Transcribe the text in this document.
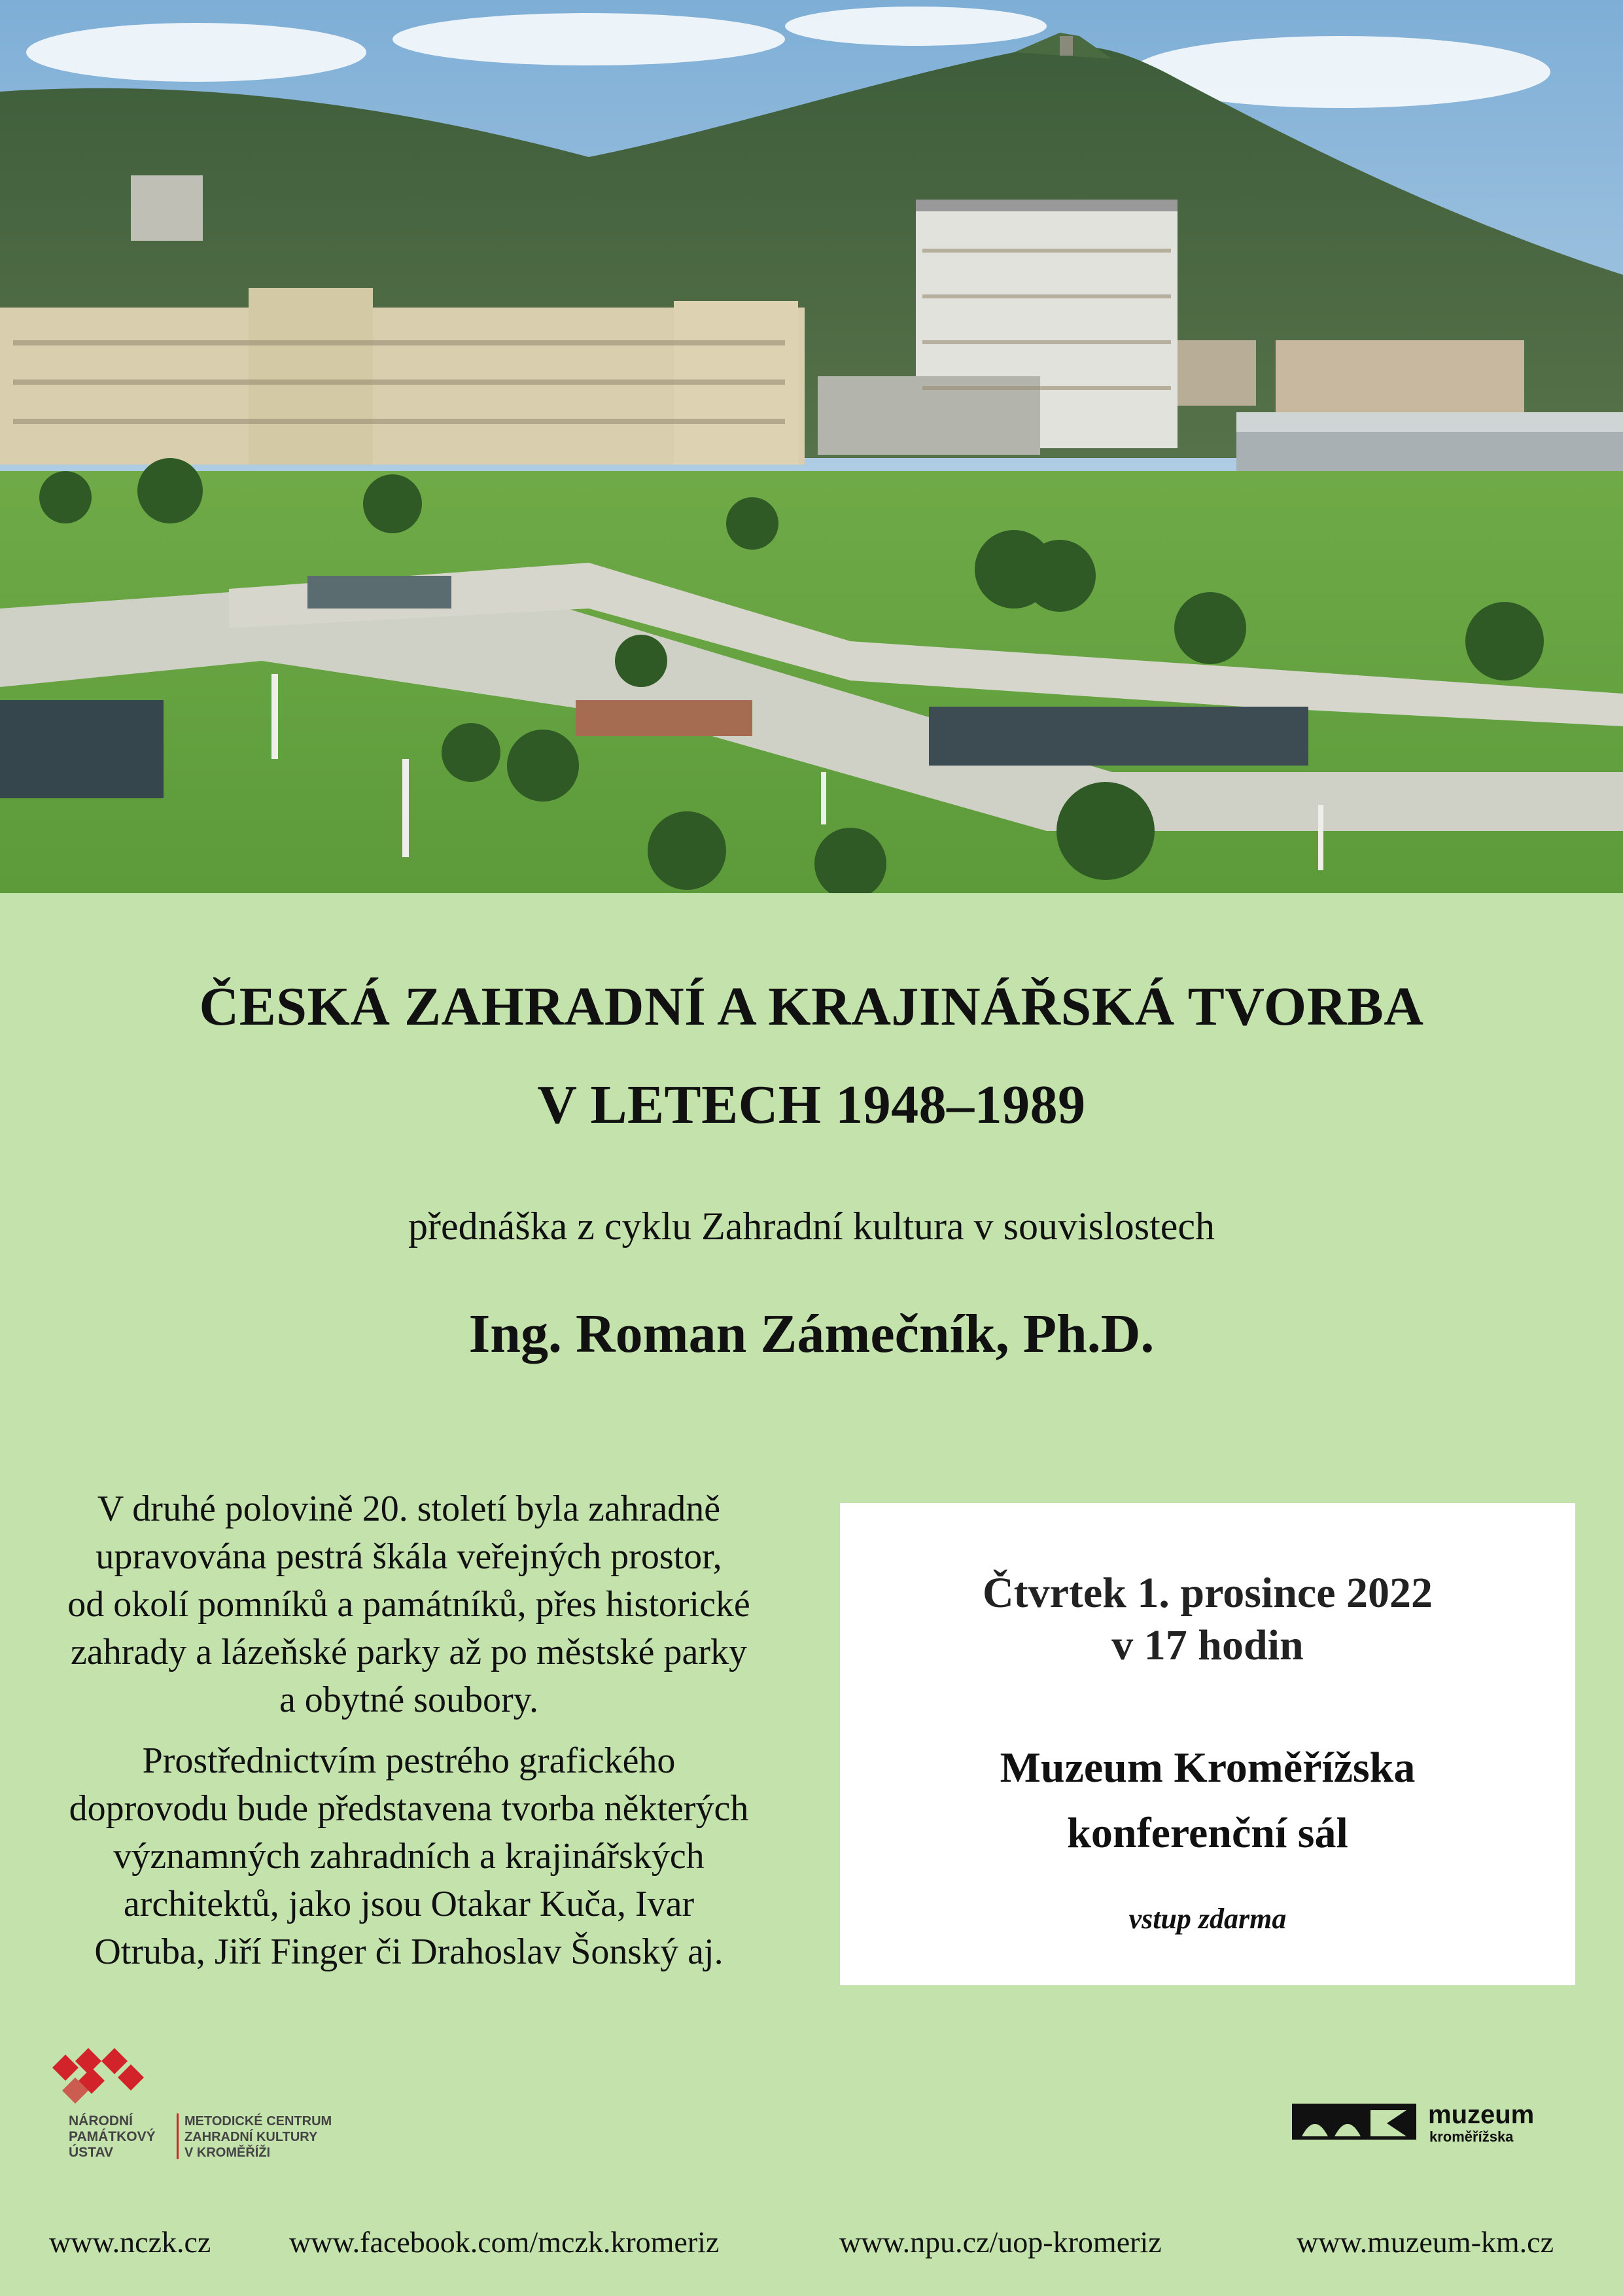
ČESKÁ ZAHRADNÍ A KRAJINÁŘSKÁ TVORBA
V LETECH 1948–1989
přednáška z cyklu Zahradní kultura v souvislostech
Ing. Roman Zámečník, Ph.D.

V druhé polovině 20. století byla zahradně
upravována pestrá škála veřejných prostor,
od okolí pomníků a památníků, přes historické
zahrady a lázeňské parky až po městské parky
a obytné soubory.

Prostřednictvím pestrého grafického
doprovodu bude představena tvorba některých
významných zahradních a krajinářských
architektů, jako jsou Otakar Kuča, Ivar
Otruba, Jiří Finger či Drahoslav Šonský aj.

Čtvrtek 1. prosince 2022
v 17 hodin
Muzeum Kroměřížska
konferenční sál
vstup zdarma
NÁRODNÍ
PAMÁTKOVÝ
ÚSTAV
METODICKÉ CENTRUM
ZAHRADNÍ KULTURY
V KROMĚŘÍŽI
muzeum
kroměřížska
www.nczk.cz	www.facebook.com/mczk.kromeriz	www.npu.cz/uop-kromeriz	www.muzeum-km.cz
